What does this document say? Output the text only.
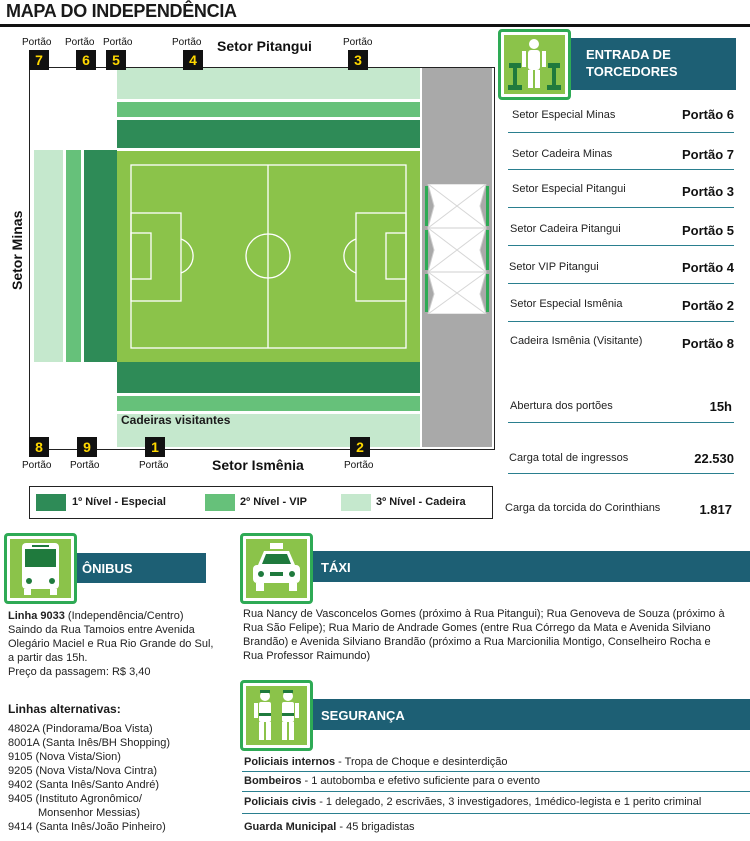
MAPA DO INDEPENDÊNCIA
Cadeiras visitantes
Portão
7
Portão
6
Portão
5
Portão
4
Setor Pitangui	Portão
3
Setor Minas
8
Portão
9
Portão
1
Portão	Setor Ismênia
2
Portão
1º Nível - Especial	2º Nível - VIP	3º Nível - Cadeira
ENTRADA DE
TORCEDORES
Setor Especial Minas	Portão 6
Setor Cadeira Minas	Portão 7
Setor Especial Pitangui	Portão 3
Setor Cadeira Pitangui	Portão 5
Setor VIP Pitangui	Portão 4
Setor Especial Ismênia	Portão 2
Cadeira Ismênia (Visitante)	Portão 8
Abertura dos portões	15h
Carga total de ingressos	22.530
Carga da torcida do Corinthians	1.817
ÔNIBUS
Linha 9033 (Independência/Centro)
Saindo da Rua Tamoios entre Avenida
Olegário Maciel e Rua Rio Grande do Sul,
a partir das 15h.
Preço da passagem: R$ 3,40
Linhas alternativas:
4802A (Pindorama/Boa Vista)
8001A (Santa Inês/BH Shopping)
9105 (Nova Vista/Sion)
9205 (Nova Vista/Nova Cintra)
9402 (Santa Inês/Santo André)
9405 (Instituto Agronômico/
Monsenhor Messias)
9414 (Santa Inês/João Pinheiro)
TÁXI
Rua Nancy de Vasconcelos Gomes (próximo à Rua Pitangui); Rua Genoveva de Souza (próximo à
Rua São Felipe); Rua Mario de Andrade Gomes (entre Rua Córrego da Mata e Avenida Silviano
Brandão) e Avenida Silviano Brandão (próximo a Rua Marcionilia Montigo, Conselheiro Rocha e
Rua Professor Raimundo)
SEGURANÇA
Policiais internos - Tropa de Choque e desinterdição
Bombeiros - 1 autobomba e efetivo suficiente para o evento
Policiais civis - 1 delegado, 2 escrivães, 3 investigadores, 1médico-legista e 1 perito criminal
Guarda Municipal - 45 brigadistas
